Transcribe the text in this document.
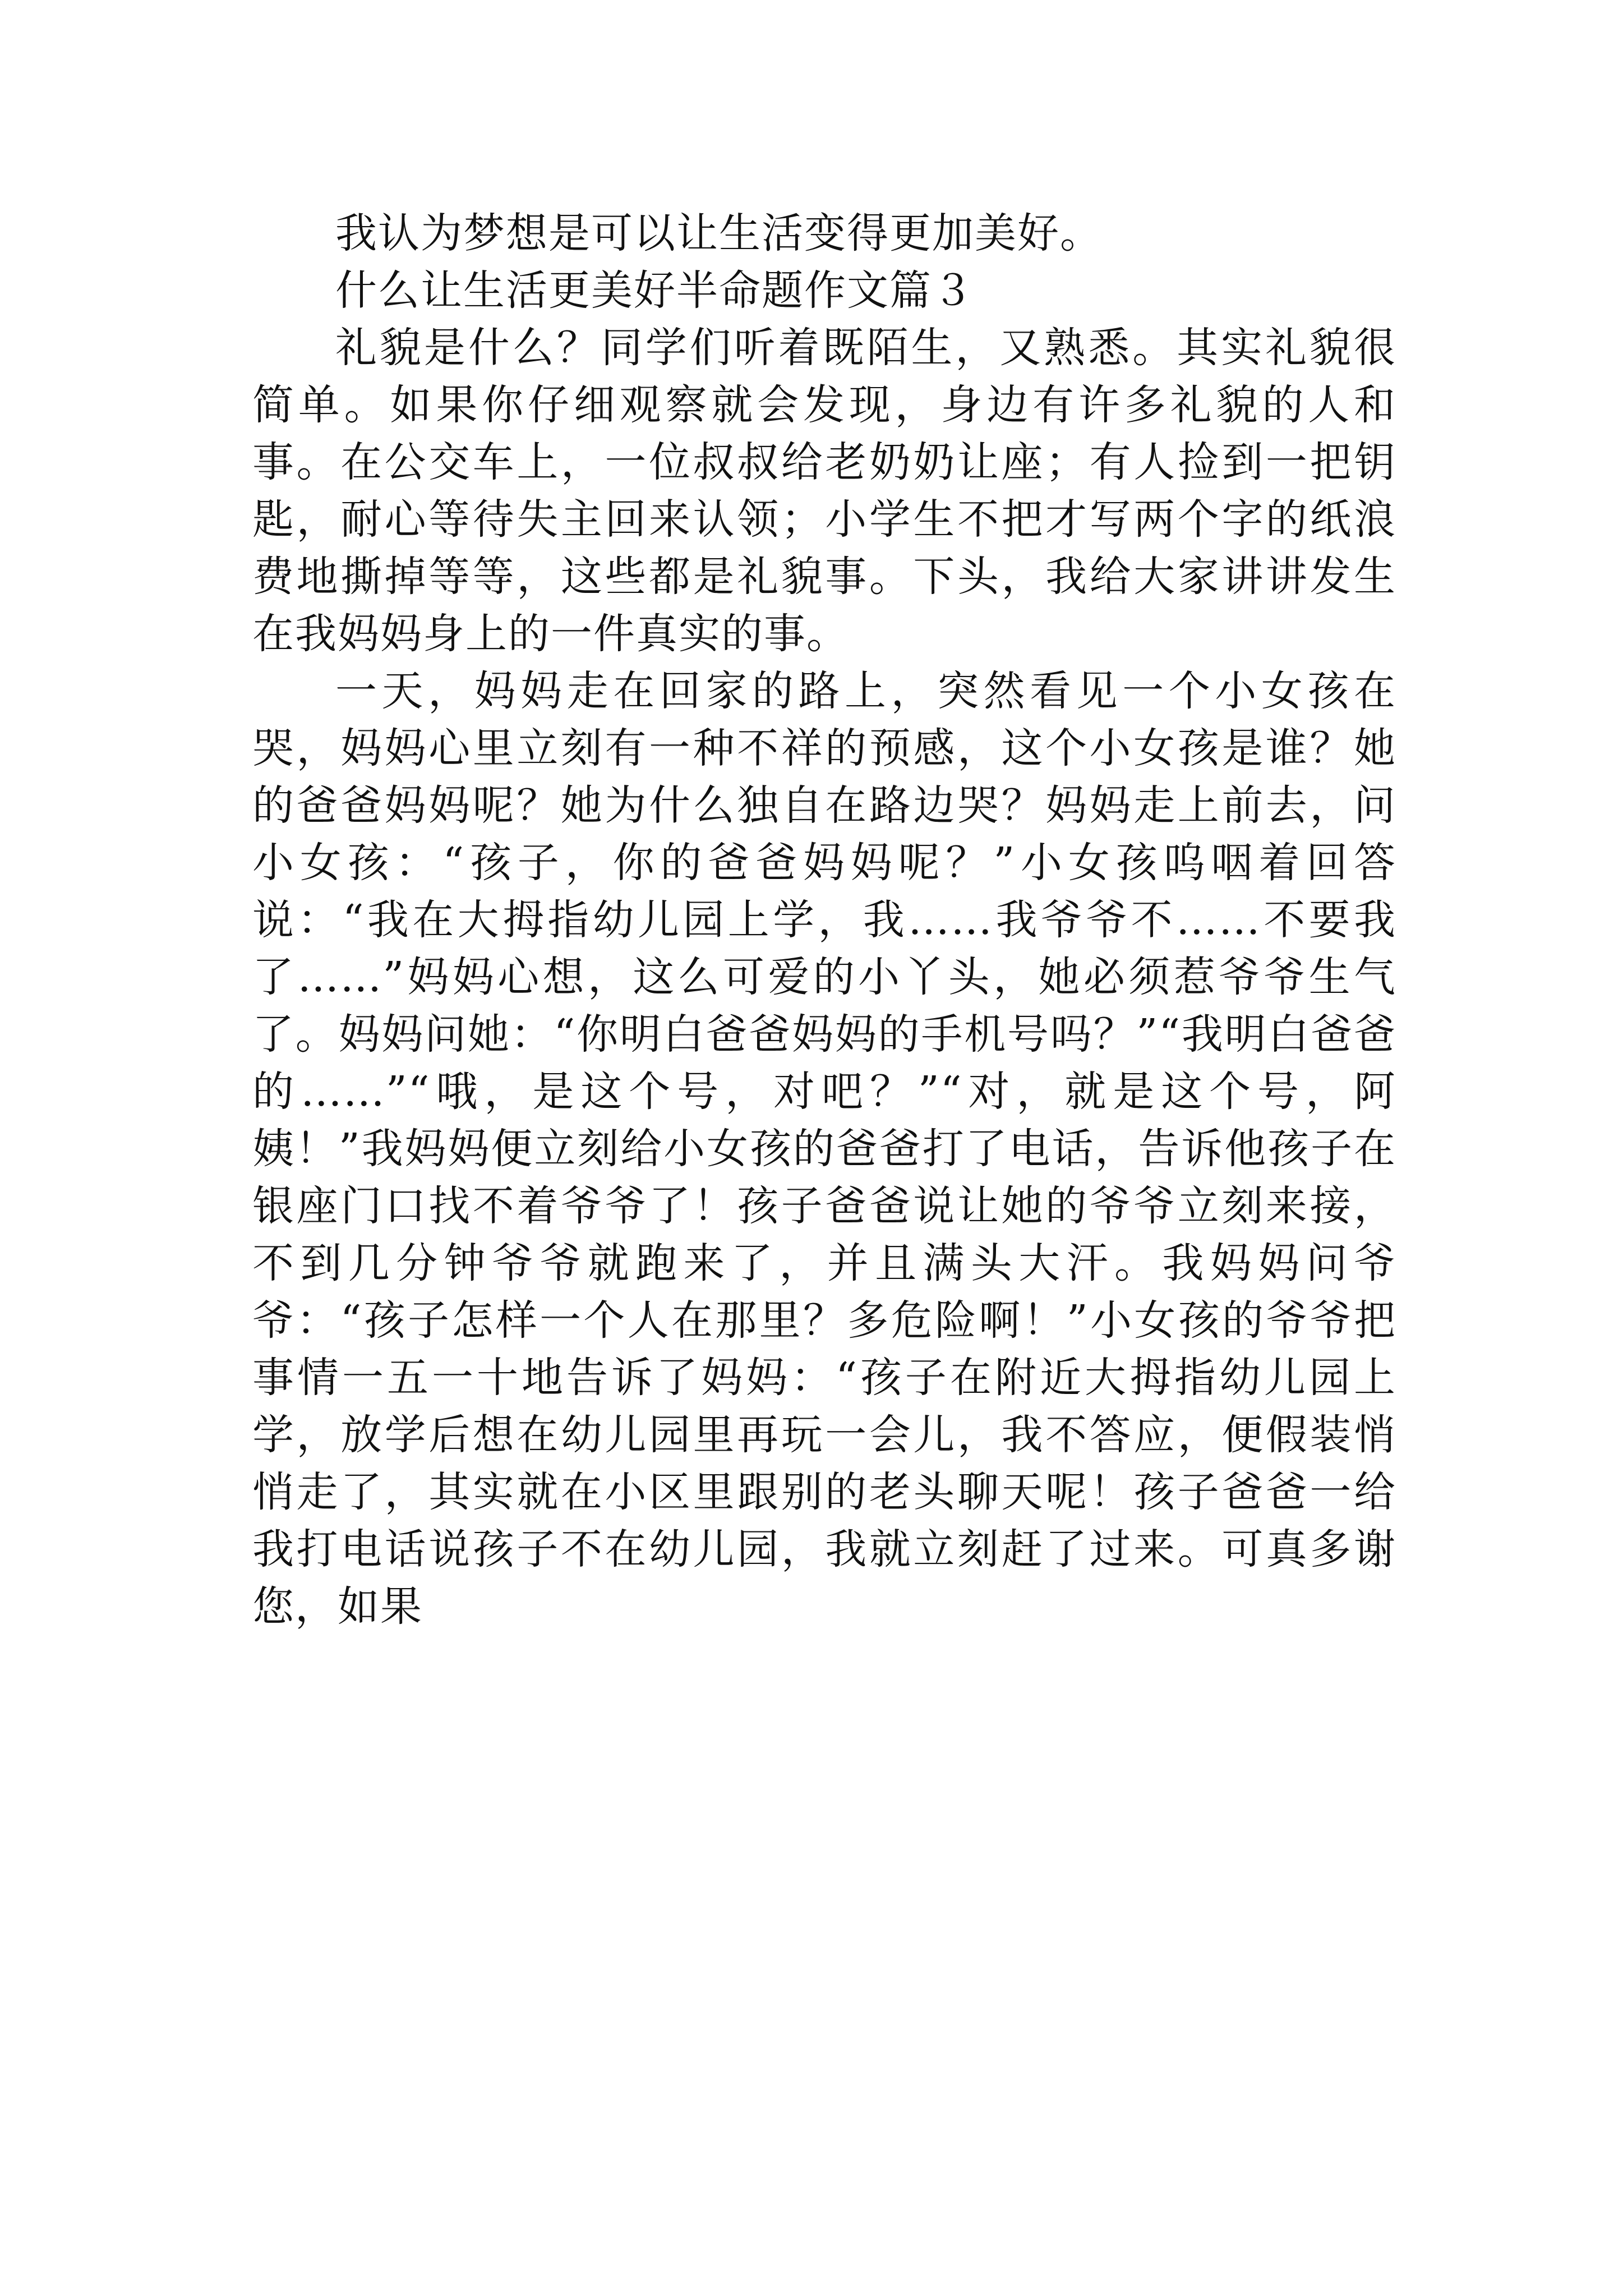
我认为梦想是可以让生活变得更加美好。

什么让生活更美好半命题作文篇３

礼貌是什么？同学们听着既陌生，又熟悉。其实礼貌很简单。如果你仔细观察就会发现，身边有许多礼貌的人和事。在公交车上，一位叔叔给老奶奶让座；有人捡到一把钥匙，耐心等待失主回来认领；小学生不把才写两个字的纸浪费地撕掉等等，这些都是礼貌事。下头，我给大家讲讲发生在我妈妈身上的一件真实的事。

一天，妈妈走在回家的路上，突然看见一个小女孩在哭，妈妈心里立刻有一种不祥的预感，这个小女孩是谁？她的爸爸妈妈呢？她为什么独自在路边哭？妈妈走上前去，问小女孩：“孩子，你的爸爸妈妈呢？”小女孩呜咽着回答说：“我在大拇指幼儿园上学，我……我爷爷不……不要我了……”妈妈心想，这么可爱的小丫头，她必须惹爷爷生气了。妈妈问她：“你明白爸爸妈妈的手机号吗？”“我明白爸爸的……”“哦，是这个号，对吧？”“对，就是这个号，阿姨！”我妈妈便立刻给小女孩的爸爸打了电话，告诉他孩子在银座门口找不着爷爷了！孩子爸爸说让她的爷爷立刻来接，不到几分钟爷爷就跑来了，并且满头大汗。我妈妈问爷爷：“孩子怎样一个人在那里？多危险啊！”小女孩的爷爷把事情一五一十地告诉了妈妈：“孩子在附近大拇指幼儿园上学，放学后想在幼儿园里再玩一会儿，我不答应，便假装悄悄走了，其实就在小区里跟别的老头聊天呢！孩子爸爸一给我打电话说孩子不在幼儿园，我就立刻赶了过来。可真多谢您，如果
